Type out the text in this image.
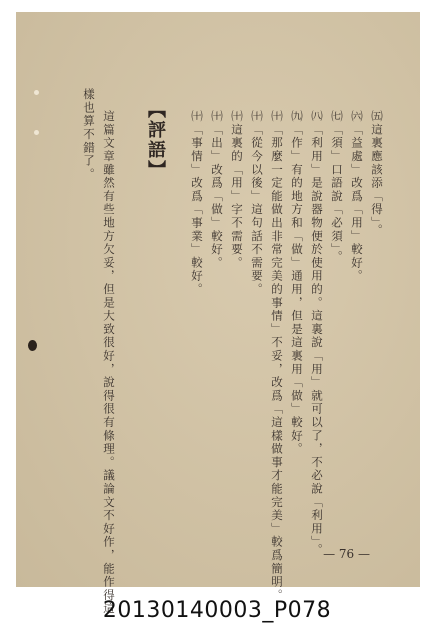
㈤這裏應該添「得」。
㈥「益處」改爲「用」較好。
㈦「須」口語說「必須」。
㈧「利用」是說器物便於使用的。這裏說「用」就可以了，不必說「利用」。
㈨「作」有的地方和「做」通用，但是這裏用「做」較好。
㈩「那麼一定能做出非常完美的事情」不妥，改爲「這樣做事才能完美」較爲簡明。
㈩「從今以後」這句話不需要。
㈩這裏的「用」字不需要。
㈩「出」改爲「做」較好。
㈩「事情」改爲「事業」較好。
【評語】
這篇文章雖然有些地方欠妥，但是大致很好，說得很有條理。議論文不好作，能作得這
樣也算不錯了。
— 76 —
20130140003_P078
